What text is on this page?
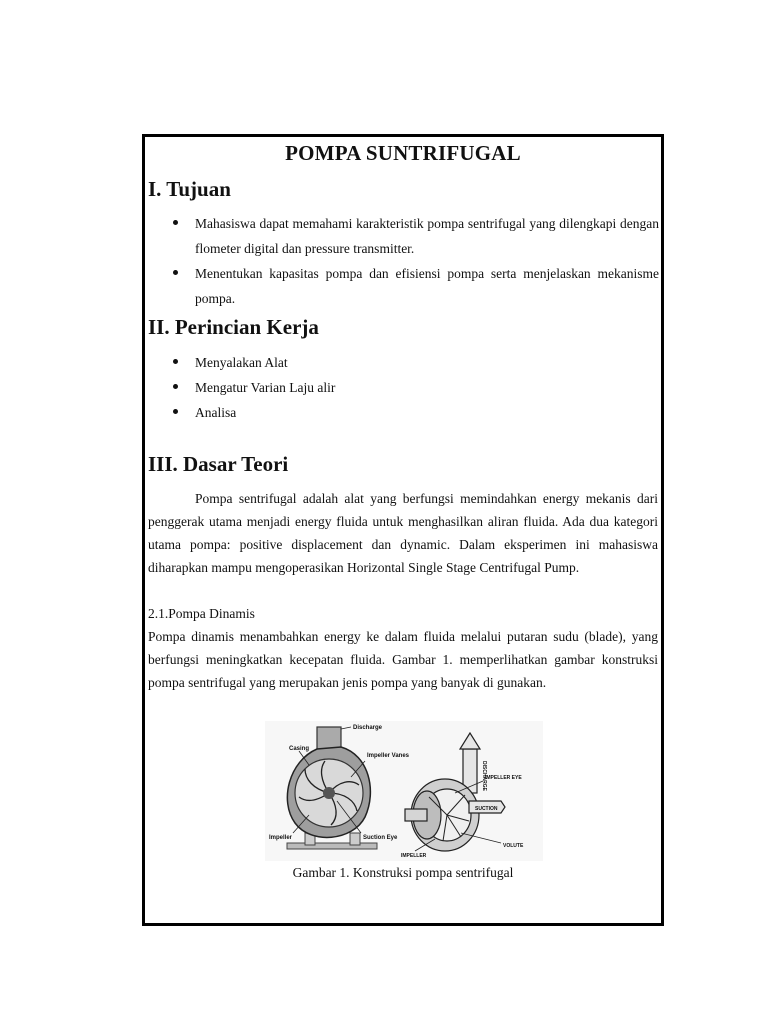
POMPA SUNTRIFUGAL
I. Tujuan
Mahasiswa dapat memahami karakteristik pompa sentrifugal yang dilengkapi dengan flometer digital dan pressure transmitter.
Menentukan kapasitas pompa dan efisiensi pompa serta menjelaskan mekanisme pompa.
II. Perincian Kerja
Menyalakan Alat
Mengatur Varian Laju alir
Analisa
III. Dasar Teori

Pompa sentrifugal adalah alat yang berfungsi memindahkan energy mekanis dari penggerak utama menjadi energy fluida untuk menghasilkan aliran fluida. Ada dua kategori utama pompa: positive displacement dan dynamic. Dalam eksperimen ini mahasiswa diharapkan mampu mengoperasikan Horizontal Single Stage Centrifugal Pump.

2.1.Pompa Dinamis

Pompa dinamis menambahkan energy ke dalam fluida melalui putaran sudu (blade), yang berfungsi meningkatkan kecepatan fluida. Gambar 1. memperlihatkan gambar konstruksi pompa sentrifugal yang merupakan jenis pompa yang banyak di gunakan.

Discharge
Casing
Impeller Vanes
Impeller	Suction Eye
DISCHARGE
IMPELLER EYE
SUCTION
VOLUTE
IMPELLER
Gambar 1. Konstruksi pompa sentrifugal
